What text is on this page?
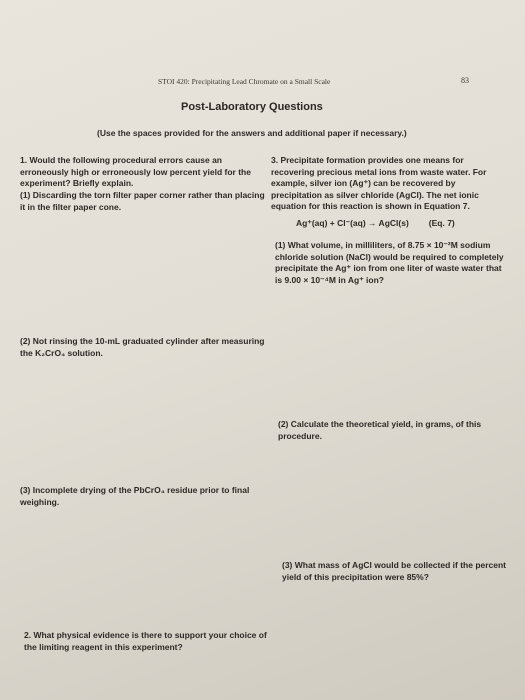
STOI 420: Precipitating Lead Chromate on a Small Scale	83
Post-Laboratory Questions
(Use the spaces provided for the answers and additional paper if necessary.)
1. Would the following procedural errors cause an erroneously high or erroneously low percent yield for the experiment? Briefly explain.
(1) Discarding the torn filter paper corner rather than placing it in the filter paper cone.
(2) Not rinsing the 10-mL graduated cylinder after measuring the K₂CrO₄ solution.
(3) Incomplete drying of the PbCrO₄ residue prior to final weighing.
2. What physical evidence is there to support your choice of the limiting reagent in this experiment?
3. Precipitate formation provides one means for recovering precious metal ions from waste water. For example, silver ion (Ag⁺) can be recovered by precipitation as silver chloride (AgCl). The net ionic equation for this reaction is shown in Equation 7.
Ag⁺(aq) + Cl⁻(aq) → AgCl(s) (Eq. 7)
(1) What volume, in milliliters, of 8.75 × 10⁻²M sodium chloride solution (NaCl) would be required to completely precipitate the Ag⁺ ion from one liter of waste water that is 9.00 × 10⁻⁴M in Ag⁺ ion?
(2) Calculate the theoretical yield, in grams, of this procedure.
(3) What mass of AgCl would be collected if the percent yield of this precipitation were 85%?
